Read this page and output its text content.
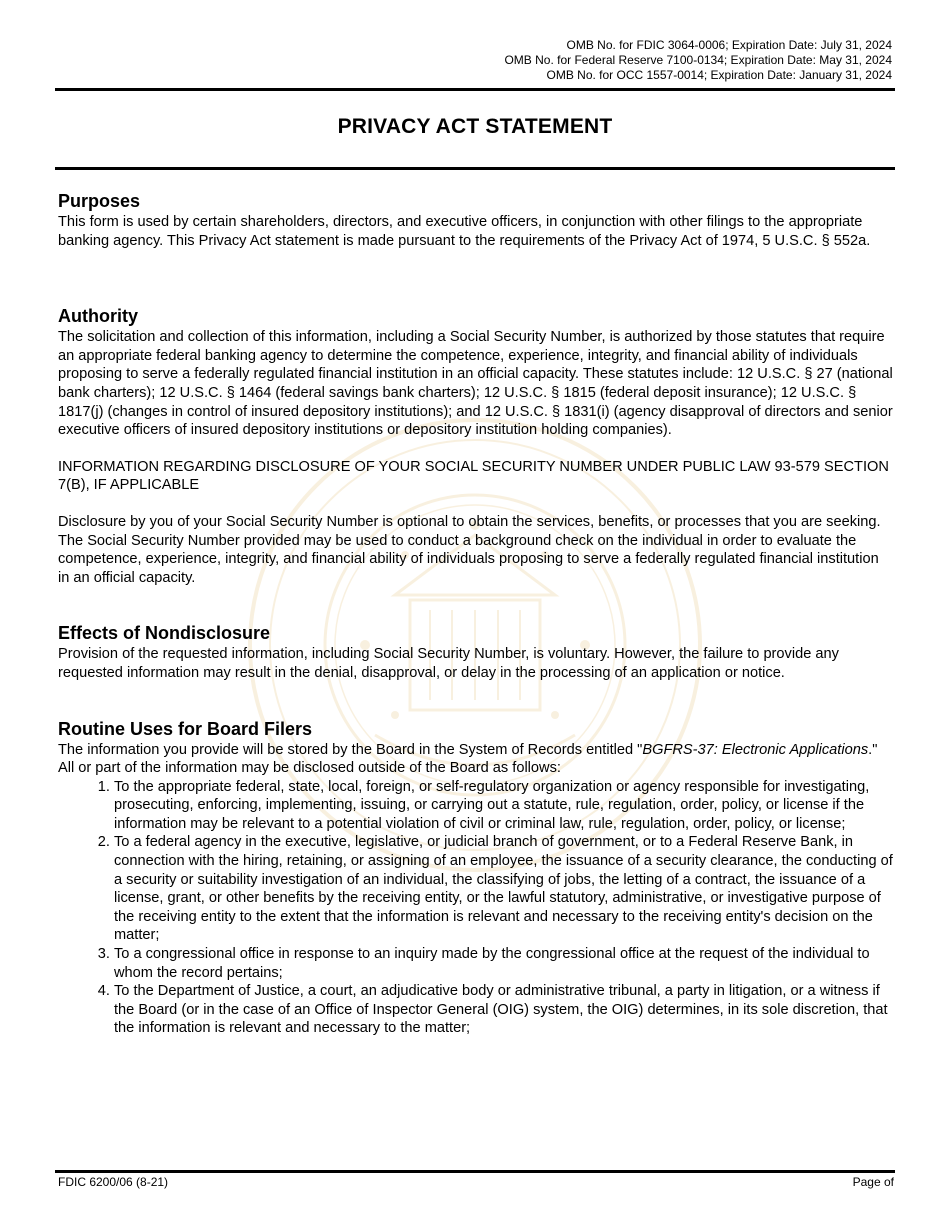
OMB No. for FDIC 3064-0006; Expiration Date: July 31, 2024
OMB No. for Federal Reserve 7100-0134; Expiration Date: May 31, 2024
OMB No. for OCC 1557-0014; Expiration Date: January 31, 2024
PRIVACY ACT STATEMENT
Purposes

This form is used by certain shareholders, directors, and executive officers, in conjunction with other filings to the appropriate banking agency. This Privacy Act statement is made pursuant to the requirements of the Privacy Act of 1974, 5 U.S.C. § 552a.

Authority

The solicitation and collection of this information, including a Social Security Number, is authorized by those statutes that require an appropriate federal banking agency to determine the competence, experience, integrity, and financial ability of individuals proposing to serve a federally regulated financial institution in an official capacity. These statutes include: 12 U.S.C. § 27 (national bank charters); 12 U.S.C. § 1464 (federal savings bank charters); 12 U.S.C. § 1815 (federal deposit insurance); 12 U.S.C. § 1817(j) (changes in control of insured depository institutions); and 12 U.S.C. § 1831(i) (agency disapproval of directors and senior executive officers of insured depository institutions or depository institution holding companies).

INFORMATION REGARDING DISCLOSURE OF YOUR SOCIAL SECURITY NUMBER UNDER PUBLIC LAW 93-579 SECTION 7(B), IF APPLICABLE

Disclosure by you of your Social Security Number is optional to obtain the services, benefits, or processes that you are seeking. The Social Security Number provided may be used to conduct a background check on the individual in order to evaluate the competence, experience, integrity, and financial ability of individuals proposing to serve a federally regulated financial institution in an official capacity.

Effects of Nondisclosure

Provision of the requested information, including Social Security Number, is voluntary. However, the failure to provide any requested information may result in the denial, disapproval, or delay in the processing of an application or notice.

Routine Uses for Board Filers

The information you provide will be stored by the Board in the System of Records entitled "BGFRS-37: Electronic Applications." All or part of the information may be disclosed outside of the Board as follows:

1. To the appropriate federal, state, local, foreign, or self-regulatory organization or agency responsible for investigating, prosecuting, enforcing, implementing, issuing, or carrying out a statute, rule, regulation, order, policy, or license if the information may be relevant to a potential violation of civil or criminal law, rule, regulation, order, policy, or license;
2. To a federal agency in the executive, legislative, or judicial branch of government, or to a Federal Reserve Bank, in connection with the hiring, retaining, or assigning of an employee, the issuance of a security clearance, the conducting of a security or suitability investigation of an individual, the classifying of jobs, the letting of a contract, the issuance of a license, grant, or other benefits by the receiving entity, or the lawful statutory, administrative, or investigative purpose of the receiving entity to the extent that the information is relevant and necessary to the receiving entity's decision on the matter;
3. To a congressional office in response to an inquiry made by the congressional office at the request of the individual to whom the record pertains;
4. To the Department of Justice, a court, an adjudicative body or administrative tribunal, a party in litigation, or a witness if the Board (or in the case of an Office of Inspector General (OIG) system, the OIG) determines, in its sole discretion, that the information is relevant and necessary to the matter;
FDIC 6200/06 (8-21)	Page of
